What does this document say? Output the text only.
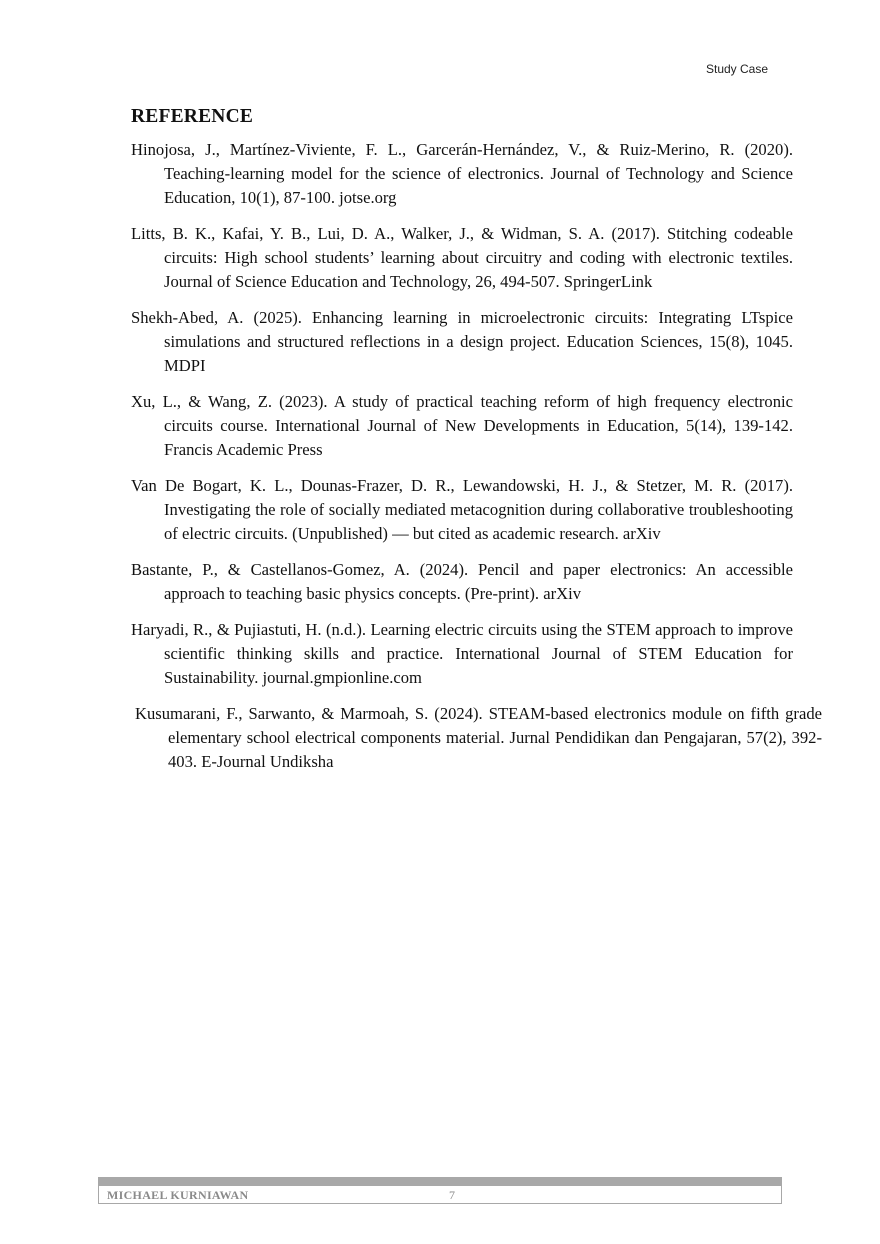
Study Case
REFERENCE

Hinojosa, J., Martínez-Viviente, F. L., Garcerán-Hernández, V., & Ruiz-Merino, R. (2020). Teaching-learning model for the science of electronics. Journal of Technology and Science Education, 10(1), 87-100. jotse.org

Litts, B. K., Kafai, Y. B., Lui, D. A., Walker, J., & Widman, S. A. (2017). Stitching codeable circuits: High school students’ learning about circuitry and coding with electronic textiles. Journal of Science Education and Technology, 26, 494-507. SpringerLink

Shekh-Abed, A. (2025). Enhancing learning in microelectronic circuits: Integrating LTspice simulations and structured reflections in a design project. Education Sciences, 15(8), 1045. MDPI

Xu, L., & Wang, Z. (2023). A study of practical teaching reform of high frequency electronic circuits course. International Journal of New Developments in Education, 5(14), 139-142. Francis Academic Press

Van De Bogart, K. L., Dounas-Frazer, D. R., Lewandowski, H. J., & Stetzer, M. R. (2017). Investigating the role of socially mediated metacognition during collaborative troubleshooting of electric circuits. (Unpublished) — but cited as academic research. arXiv

Bastante, P., & Castellanos-Gomez, A. (2024). Pencil and paper electronics: An accessible approach to teaching basic physics concepts. (Pre-print). arXiv

Haryadi, R., & Pujiastuti, H. (n.d.). Learning electric circuits using the STEM approach to improve scientific thinking skills and practice. International Journal of STEM Education for Sustainability. journal.gmpionline.com

Kusumarani, F., Sarwanto, & Marmoah, S. (2024). STEAM-based electronics module on fifth grade elementary school electrical components material. Jurnal Pendidikan dan Pengajaran, 57(2), 392-403. E-Journal Undiksha

MICHAEL KURNIAWAN	7
